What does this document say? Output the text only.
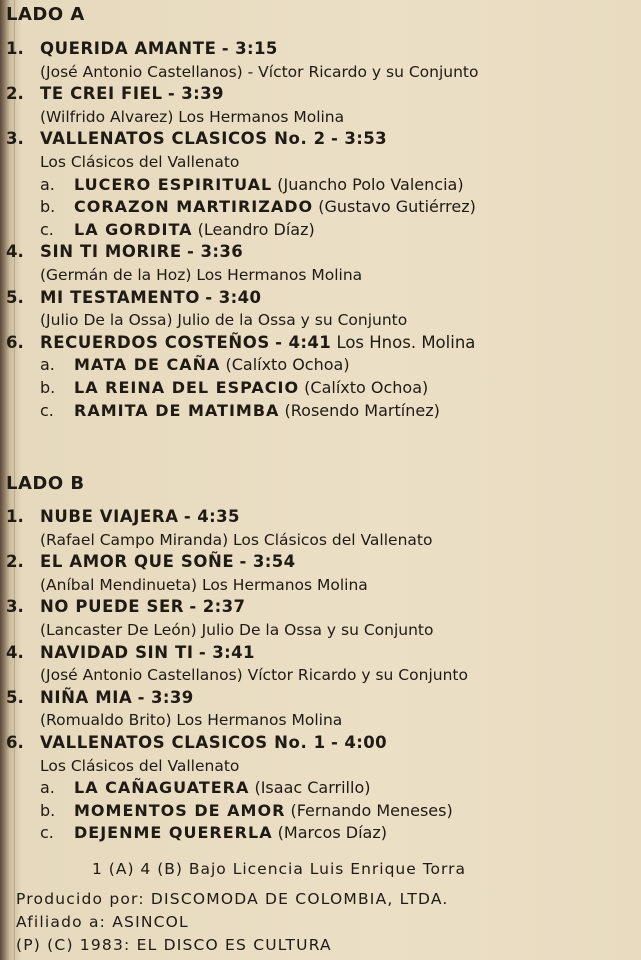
LADO A
1. QUERIDA AMANTE - 3:15
(José Antonio Castellanos) - Víctor Ricardo y su Conjunto
2. TE CREI FIEL - 3:39
(Wilfrido Alvarez) Los Hermanos Molina
3. VALLENATOS CLASICOS No. 2 - 3:53
Los Clásicos del Vallenato
a. LUCERO ESPIRITUAL (Juancho Polo Valencia)
b. CORAZON MARTIRIZADO (Gustavo Gutiérrez)
c. LA GORDITA (Leandro Díaz)
4. SIN TI MORIRE - 3:36
(Germán de la Hoz) Los Hermanos Molina
5. MI TESTAMENTO - 3:40
(Julio De la Ossa) Julio de la Ossa y su Conjunto
6. RECUERDOS COSTEÑOS - 4:41 Los Hnos. Molina
a. MATA DE CAÑA (Calíxto Ochoa)
b. LA REINA DEL ESPACIO (Calíxto Ochoa)
c. RAMITA DE MATIMBA (Rosendo Martínez)
LADO B
1. NUBE VIAJERA - 4:35
(Rafael Campo Miranda) Los Clásicos del Vallenato
2. EL AMOR QUE SOÑE - 3:54
(Aníbal Mendinueta) Los Hermanos Molina
3. NO PUEDE SER - 2:37
(Lancaster De León) Julio De la Ossa y su Conjunto
4. NAVIDAD SIN TI - 3:41
(José Antonio Castellanos) Víctor Ricardo y su Conjunto
5. NIÑA MIA - 3:39
(Romualdo Brito) Los Hermanos Molina
6. VALLENATOS CLASICOS No. 1 - 4:00
Los Clásicos del Vallenato
a. LA CAÑAGUATERA (Isaac Carrillo)
b. MOMENTOS DE AMOR (Fernando Meneses)
c. DEJENME QUERERLA (Marcos Díaz)
1 (A) 4 (B) Bajo Licencia Luis Enrique Torra
Producido por: DISCOMODA DE COLOMBIA, LTDA.
Afiliado a: ASINCOL
(P) (C) 1983: EL DISCO ES CULTURA
